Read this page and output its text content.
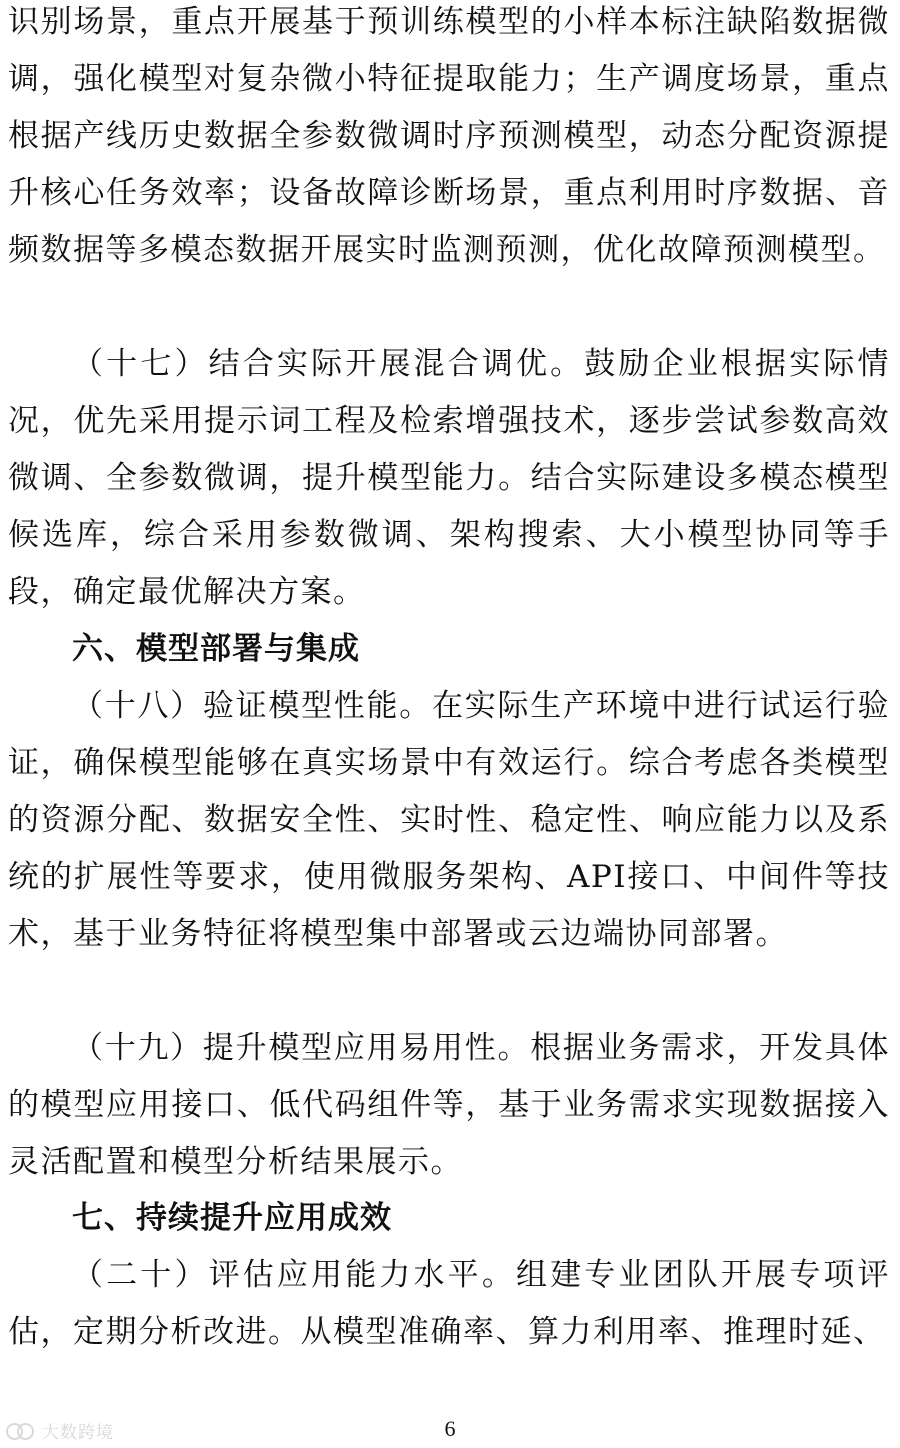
识别场景，重点开展基于预训练模型的小样本标注缺陷数据微调，强化模型对复杂微小特征提取能力；生产调度场景，重点根据产线历史数据全参数微调时序预测模型，动态分配资源提升核心任务效率；设备故障诊断场景，重点利用时序数据、音频数据等多模态数据开展实时监测预测，优化故障预测模型。

（十七）结合实际开展混合调优。鼓励企业根据实际情况，优先采用提示词工程及检索增强技术，逐步尝试参数高效微调、全参数微调，提升模型能力。结合实际建设多模态模型候选库，综合采用参数微调、架构搜索、大小模型协同等手段，确定最优解决方案。

六、模型部署与集成

（十八）验证模型性能。在实际生产环境中进行试运行验证，确保模型能够在真实场景中有效运行。综合考虑各类模型的资源分配、数据安全性、实时性、稳定性、响应能力以及系统的扩展性等要求，使用微服务架构、API接口、中间件等技术，基于业务特征将模型集中部署或云边端协同部署。

（十九）提升模型应用易用性。根据业务需求，开发具体的模型应用接口、低代码组件等，基于业务需求实现数据接入灵活配置和模型分析结果展示。

七、持续提升应用成效

（二十）评估应用能力水平。组建专业团队开展专项评估，定期分析改进。从模型准确率、算力利用率、推理时延、

大数跨境	6
